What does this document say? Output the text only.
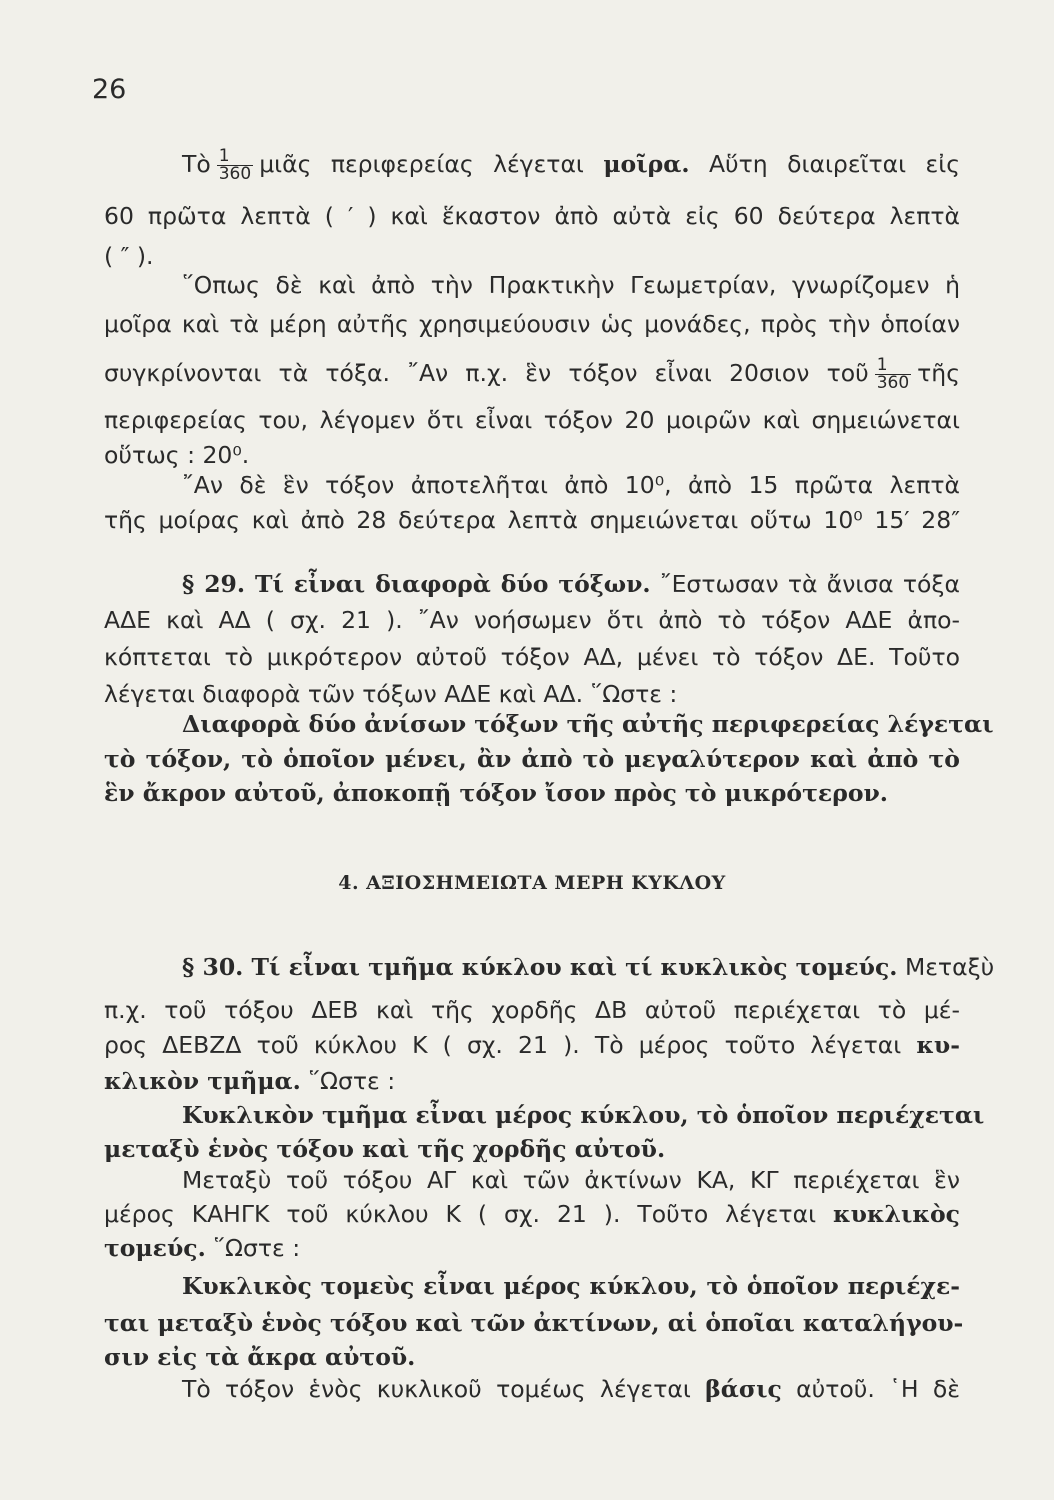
26
Τὸ $\frac{1}{360}$ μιᾶς περιφερείας λέγεται μοῖρα. Αὕτη διαιρεῖται εἰς
60 πρῶτα λεπτὰ ( ′ ) καὶ ἕκαστον ἀπὸ αὐτὰ εἰς 60 δεύτερα λεπτὰ
( ″ ).
῞Οπως δὲ καὶ ἀπὸ τὴν Πρακτικὴν Γεωμετρίαν, γνωρίζομεν ἡ
μοῖρα καὶ τὰ μέρη αὐτῆς χρησιμεύουσιν ὡς μονάδες, πρὸς τὴν ὁποίαν
συγκρίνονται τὰ τόξα. ῎Αν π.χ. ἓν τόξον εἶναι 20σιον τοῦ $\frac{1}{360}$ τῆς
περιφερείας του, λέγομεν ὅτι εἶναι τόξον 20 μοιρῶν καὶ σημειώνεται
οὕτως : 20⁰.
῎Αν δὲ ἓν τόξον ἀποτελῆται ἀπὸ 10⁰, ἀπὸ 15 πρῶτα λεπτὰ
τῆς μοίρας καὶ ἀπὸ 28 δεύτερα λεπτὰ σημειώνεται οὕτω 10⁰ 15′ 28″
§ 29. Τί εἶναι διαφορὰ δύο τόξων. ῎Εστωσαν τὰ ἄνισα τόξα
ΑΔΕ καὶ ΑΔ ( σχ. 21 ). ῎Αν νοήσωμεν ὅτι ἀπὸ τὸ τόξον ΑΔΕ ἀπο-
κόπτεται τὸ μικρότερον αὐτοῦ τόξον ΑΔ, μένει τὸ τόξον ΔΕ. Τοῦτο
λέγεται διαφορὰ τῶν τόξων ΑΔΕ καὶ ΑΔ. ῞Ωστε :
Διαφορὰ δύο ἀνίσων τόξων τῆς αὐτῆς περιφερείας λέγεται
τὸ τόξον, τὸ ὁποῖον μένει, ἂν ἀπὸ τὸ μεγαλύτερον καὶ ἀπὸ τὸ
ἓν ἄκρον αὐτοῦ, ἀποκοπῇ τόξον ἴσον πρὸς τὸ μικρότερον.
4. ΑΞΙΟΣΗΜΕΙΩΤΑ ΜΕΡΗ ΚΥΚΛΟΥ
§ 30. Τί εἶναι τμῆμα κύκλου καὶ τί κυκλικὸς τομεύς. Μεταξὺ
π.χ. τοῦ τόξου ΔΕΒ καὶ τῆς χορδῆς ΔΒ αὐτοῦ περιέχεται τὸ μέ-
ρος ΔΕΒΖΔ τοῦ κύκλου Κ ( σχ. 21 ). Τὸ μέρος τοῦτο λέγεται κυ-
κλικὸν τμῆμα. ῞Ωστε :
Κυκλικὸν τμῆμα εἶναι μέρος κύκλου, τὸ ὁποῖον περιέχεται
μεταξὺ ἑνὸς τόξου καὶ τῆς χορδῆς αὐτοῦ.
Μεταξὺ τοῦ τόξου ΑΓ καὶ τῶν ἀκτίνων ΚΑ, ΚΓ περιέχεται ἓν
μέρος ΚΑΗΓΚ τοῦ κύκλου Κ ( σχ. 21 ). Τοῦτο λέγεται κυκλικὸς
τομεύς. ῞Ωστε :
Κυκλικὸς τομεὺς εἶναι μέρος κύκλου, τὸ ὁποῖον περιέχε-
ται μεταξὺ ἑνὸς τόξου καὶ τῶν ἀκτίνων, αἱ ὁποῖαι καταλήγου-
σιν εἰς τὰ ἄκρα αὐτοῦ.
Τὸ τόξον ἑνὸς κυκλικοῦ τομέως λέγεται βάσις αὐτοῦ. ῾Η δὲ
